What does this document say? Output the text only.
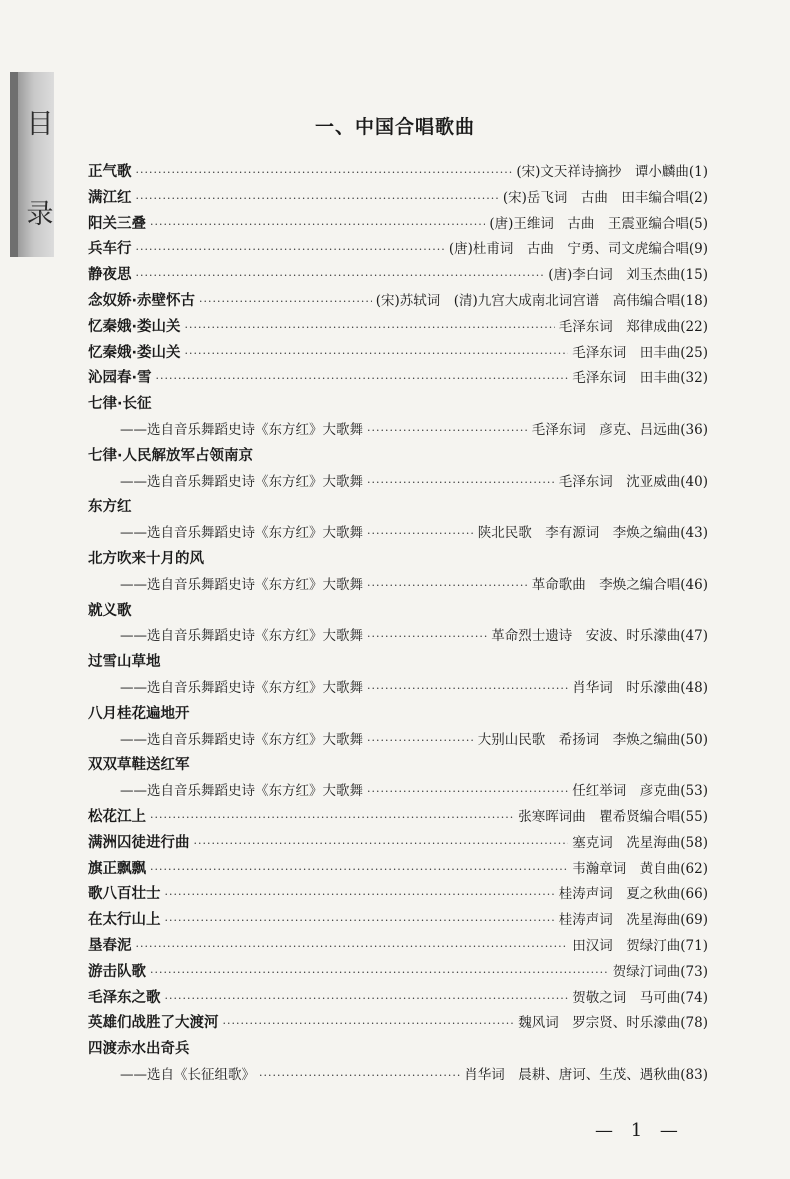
目
录
一、中国合唱歌曲
正气歌 ·····	(宋)文天祥诗摘抄　谭小麟曲 (1)
满江红 ·····	(宋)岳飞词　古曲　田丰编合唱 (2)
阳关三叠 ·····	(唐)王维词　古曲　王震亚编合唱 (5)
兵车行 ·····	(唐)杜甫词　古曲　宁勇、司文虎编合唱 (9)
静夜思 ·····	(唐)李白词　刘玉杰曲 (15)
念奴娇·赤壁怀古 ·····	(宋)苏轼词　(清)九宫大成南北词宫谱　高伟编合唱 (18)
忆秦娥·娄山关 ·····	毛泽东词　郑律成曲 (22)
忆秦娥·娄山关 ·····	毛泽东词　田丰曲 (25)
沁园春·雪 ·····	毛泽东词　田丰曲 (32)
七律·长征
——选自音乐舞蹈史诗《东方红》大歌舞 ·····	毛泽东词　彦克、吕远曲 (36)
七律·人民解放军占领南京
——选自音乐舞蹈史诗《东方红》大歌舞 ·····	毛泽东词　沈亚威曲 (40)
东方红
——选自音乐舞蹈史诗《东方红》大歌舞 ·····	陕北民歌　李有源词　李焕之编曲 (43)
北方吹来十月的风
——选自音乐舞蹈史诗《东方红》大歌舞 ·····	革命歌曲　李焕之编合唱 (46)
就义歌
——选自音乐舞蹈史诗《东方红》大歌舞 ·····	革命烈士遗诗　安波、时乐濛曲 (47)
过雪山草地
——选自音乐舞蹈史诗《东方红》大歌舞 ·····	肖华词　时乐濛曲 (48)
八月桂花遍地开
——选自音乐舞蹈史诗《东方红》大歌舞 ·····	大别山民歌　希扬词　李焕之编曲 (50)
双双草鞋送红军
——选自音乐舞蹈史诗《东方红》大歌舞 ·····	任红举词　彦克曲 (53)
松花江上 ·····	张寒晖词曲　瞿希贤编合唱 (55)
满洲囚徒进行曲 ·····	塞克词　冼星海曲 (58)
旗正飘飘 ·····	韦瀚章词　黄自曲 (62)
歌八百壮士 ·····	桂涛声词　夏之秋曲 (66)
在太行山上 ·····	桂涛声词　冼星海曲 (69)
垦春泥 ·····	田汉词　贺绿汀曲 (71)
游击队歌 ·····	贺绿汀词曲 (73)
毛泽东之歌 ·····	贺敬之词　马可曲 (74)
英雄们战胜了大渡河 ·····	魏风词　罗宗贤、时乐濛曲 (78)
四渡赤水出奇兵
——选自《长征组歌》 ·····	肖华词　晨耕、唐诃、生茂、遇秋曲 (83)
— 1 —
